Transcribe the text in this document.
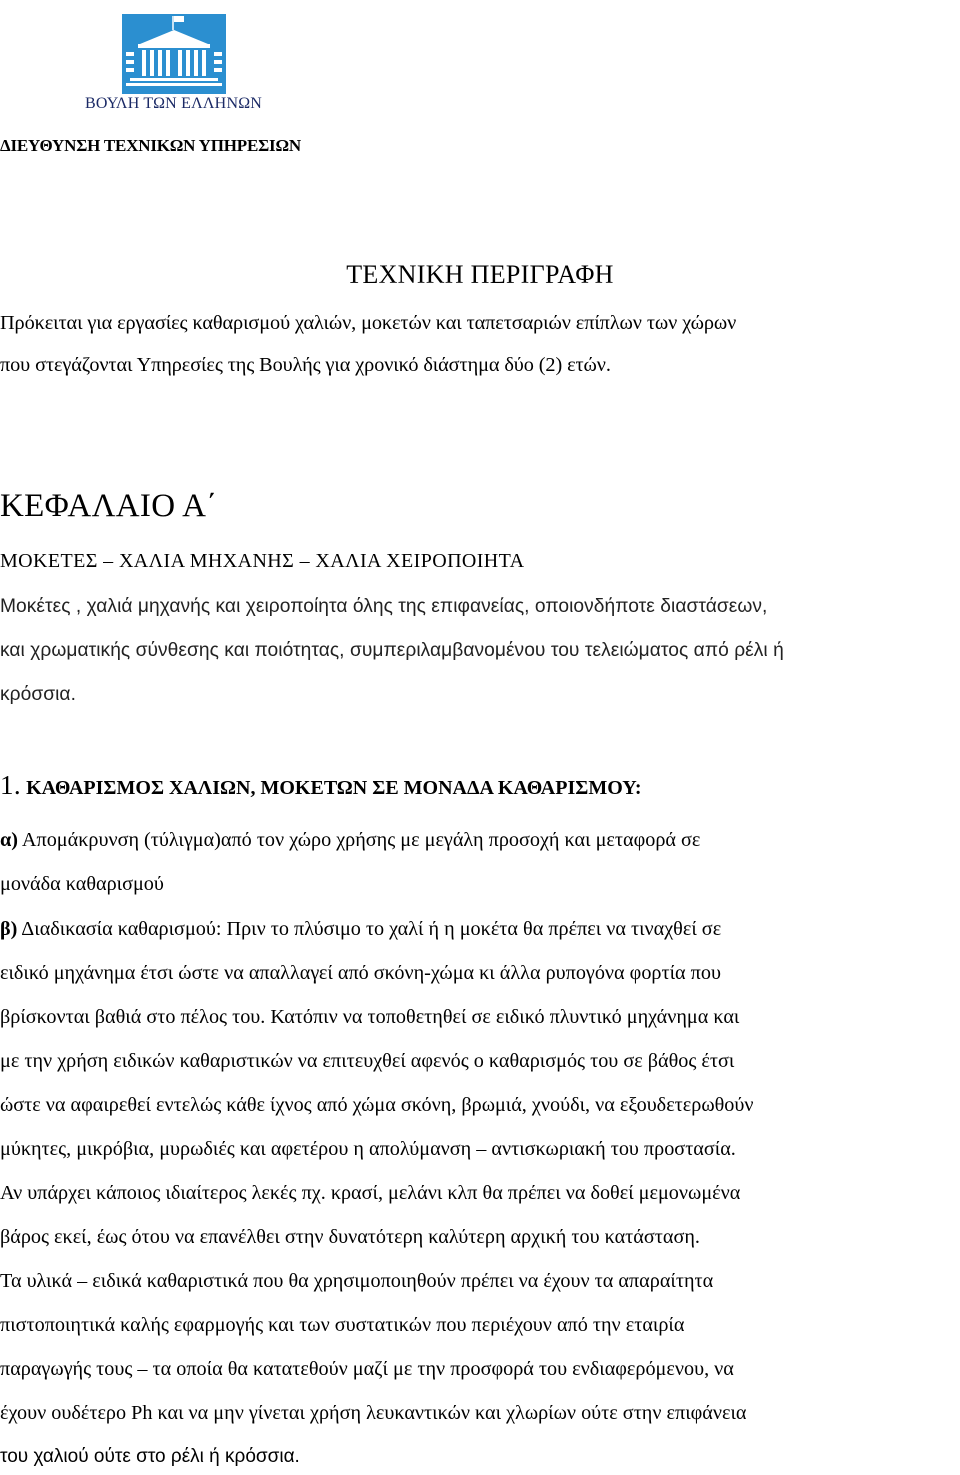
ΒΟΥΛΗ ΤΩΝ ΕΛΛΗΝΩΝ
ΔΙΕΥΘΥΝΣΗ ΤΕΧΝΙΚΩΝ ΥΠΗΡΕΣΙΩΝ
ΤΕΧΝΙΚΗ ΠΕΡΙΓΡΑΦΗ
Πρόκειται για εργασίες καθαρισμού χαλιών, μοκετών και ταπετσαριών επίπλων των χώρων
που στεγάζονται Υπηρεσίες της Βουλής για χρονικό διάστημα δύο (2) ετών.
ΚΕΦΑΛΑΙΟ Α΄
ΜΟΚΕΤΕΣ – ΧΑΛΙΑ ΜΗΧΑΝΗΣ – ΧΑΛΙΑ ΧΕΙΡΟΠΟΙΗΤΑ
Μοκέτες , χαλιά μηχανής και χειροποίητα όλης της επιφανείας, οποιονδήποτε διαστάσεων,
και χρωματικής σύνθεσης και ποιότητας, συμπεριλαμβανομένου του τελειώματος από ρέλι ή
κρόσσια.
1. ΚΑΘΑΡΙΣΜΟΣ ΧΑΛΙΩΝ, ΜΟΚΕΤΩΝ ΣΕ ΜΟΝΑΔΑ ΚΑΘΑΡΙΣΜΟΥ:
α) Απομάκρυνση (τύλιγμα)από τον χώρο χρήσης με μεγάλη προσοχή και μεταφορά σε
μονάδα καθαρισμού
β) Διαδικασία καθαρισμού: Πριν το πλύσιμο το χαλί ή η μοκέτα θα πρέπει να τιναχθεί σε
ειδικό μηχάνημα έτσι ώστε να απαλλαγεί από σκόνη-χώμα κι άλλα ρυπογόνα φορτία που
βρίσκονται βαθιά στο πέλος του. Κατόπιν να τοποθετηθεί σε ειδικό πλυντικό μηχάνημα και
με την χρήση ειδικών καθαριστικών να επιτευχθεί αφενός ο καθαρισμός του σε βάθος έτσι
ώστε να αφαιρεθεί εντελώς κάθε ίχνος από χώμα σκόνη, βρωμιά, χνούδι, να εξουδετερωθούν
μύκητες, μικρόβια, μυρωδιές και αφετέρου η απολύμανση – αντισκωριακή του προστασία.
Αν υπάρχει κάποιος ιδιαίτερος λεκές πχ. κρασί, μελάνι κλπ θα πρέπει να δοθεί μεμονωμένα
βάρος εκεί, έως ότου να επανέλθει στην δυνατότερη καλύτερη αρχική του κατάσταση.
Τα υλικά – ειδικά καθαριστικά που θα χρησιμοποιηθούν πρέπει να έχουν τα απαραίτητα
πιστοποιητικά καλής εφαρμογής και των συστατικών που περιέχουν από την εταιρία
παραγωγής τους – τα οποία θα κατατεθούν μαζί με την προσφορά του ενδιαφερόμενου, να
έχουν ουδέτερο Ph και να μην γίνεται χρήση λευκαντικών και χλωρίων ούτε στην επιφάνεια
του χαλιού ούτε στο ρέλι ή κρόσσια.
